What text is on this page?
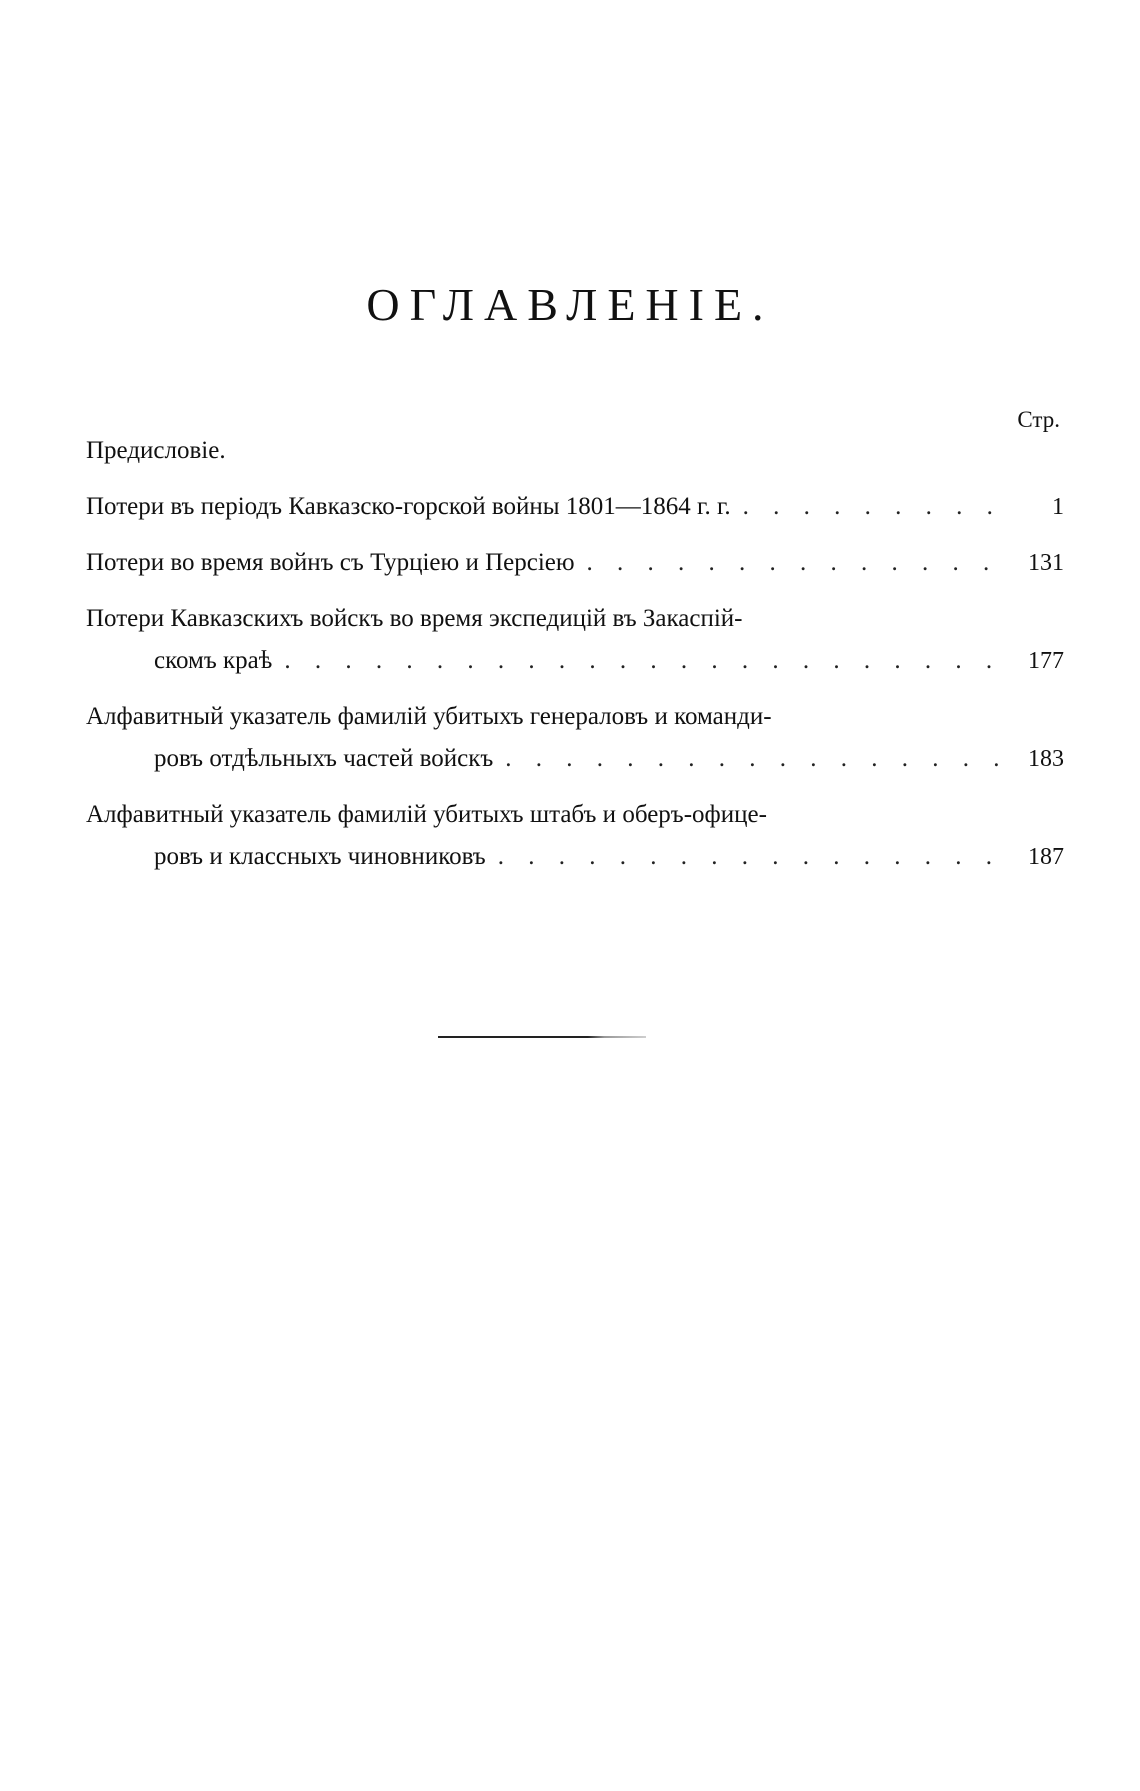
ОГЛАВЛЕНІЕ.
Стр.
Предисловіе.
Потери въ періодъ Кавказско-горской войны 1801—1864 г. г. . . .	1
Потери во время войнъ съ Турціею и Персіею . . .	131
Потери Кавказскихъ войскъ во время экспедицій въ Закаспій-
скомъ краѣ . . .	177
Алфавитный указатель фамилій убитыхъ генераловъ и команди-
ровъ отдѣльныхъ частей войскъ . . .	183
Алфавитный указатель фамилій убитыхъ штабъ и оберъ-офице-
ровъ и классныхъ чиновниковъ . . .	187
